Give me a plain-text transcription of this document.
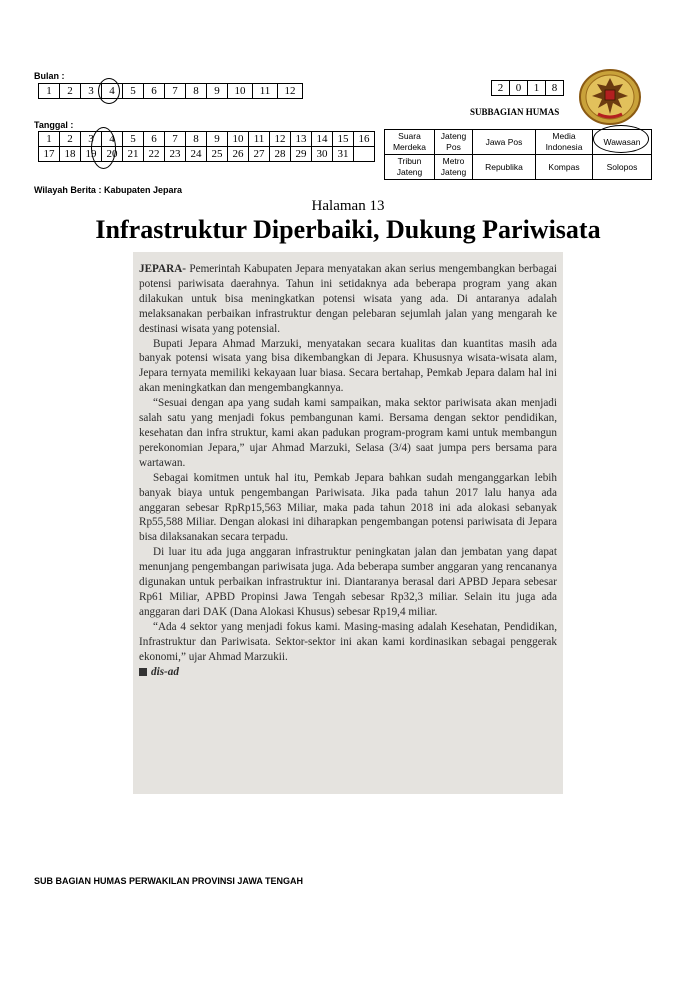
Bulan :
1	2	3	4	5	6	7	8	9	10	11	12
Tanggal :
1	2	3	4	5	6	7	8	9	10	11	12	13	14	15	16
17	18	19	20	21	22	23	24	25	26	27	28	29	30	31	
Wilayah Berita : Kabupaten Jepara
2	0	1	8
SUBBAGIAN HUMAS
Suara Merdeka	Jateng Pos	Jawa Pos	Media Indonesia	Wawasan
Tribun Jateng	Metro Jateng	Republika	Kompas	Solopos
Halaman 13
Infrastruktur Diperbaiki, Dukung Pariwisata

JEPARA- Pemerintah Kabupaten Jepara menyatakan akan serius mengembangkan berbagai potensi pariwisata daerahnya. Tahun ini setidaknya ada beberapa program yang akan dilakukan untuk bisa meningkatkan potensi wisata yang ada. Di antaranya adalah melaksanakan perbaikan infrastruktur dengan pelebaran sejumlah jalan yang mengarah ke destinasi wisata yang potensial.

Bupati Jepara Ahmad Marzuki, menyatakan secara kualitas dan kuantitas masih ada banyak potensi wisata yang bisa dikembangkan di Jepara. Khususnya wisata-wisata alam, Jepara ternyata memiliki kekayaan luar biasa. Secara bertahap, Pemkab Jepara dalam hal ini akan meningkatkan dan mengembangkannya.

“Sesuai dengan apa yang sudah kami sampaikan, maka sektor pariwisata akan menjadi salah satu yang menjadi fokus pembangunan kami. Bersama dengan sektor pendidikan, kesehatan dan infra struktur, kami akan padukan program-program kami untuk membangun perekonomian Jepara,” ujar Ahmad Marzuki, Selasa (3/4) saat jumpa pers bersama para wartawan.

Sebagai komitmen untuk hal itu, Pemkab Jepara bahkan sudah menganggarkan lebih banyak biaya untuk pengembangan Pariwisata. Jika pada tahun 2017 lalu hanya ada anggaran sebesar RpRp15,563 Miliar, maka pada tahun 2018 ini ada alokasi sebanyak Rp55,588 Miliar. Dengan alokasi ini diharapkan pengembangan potensi pariwisata di Jepara bisa dilaksanakan secara terpadu.

Di luar itu ada juga anggaran infrastruktur peningkatan jalan dan jembatan yang dapat menunjang pengembangan pariwisata juga. Ada beberapa sumber anggaran yang rencananya digunakan untuk perbaikan infrastruktur ini. Diantaranya berasal dari APBD Jepara sebesar Rp61 Miliar, APBD Propinsi Jawa Tengah sebesar Rp32,3 miliar. Selain itu juga ada anggaran dari DAK (Dana Alokasi Khusus) sebesar Rp19,4 miliar.

“Ada 4 sektor yang menjadi fokus kami. Masing-masing adalah Kesehatan, Pendidikan, Infrastruktur dan Pariwisata. Sektor-sektor ini akan kami kordinasikan sebagai penggerak ekonomi,” ujar Ahmad Marzukii.

dis-ad
SUB BAGIAN HUMAS PERWAKILAN PROVINSI JAWA TENGAH
